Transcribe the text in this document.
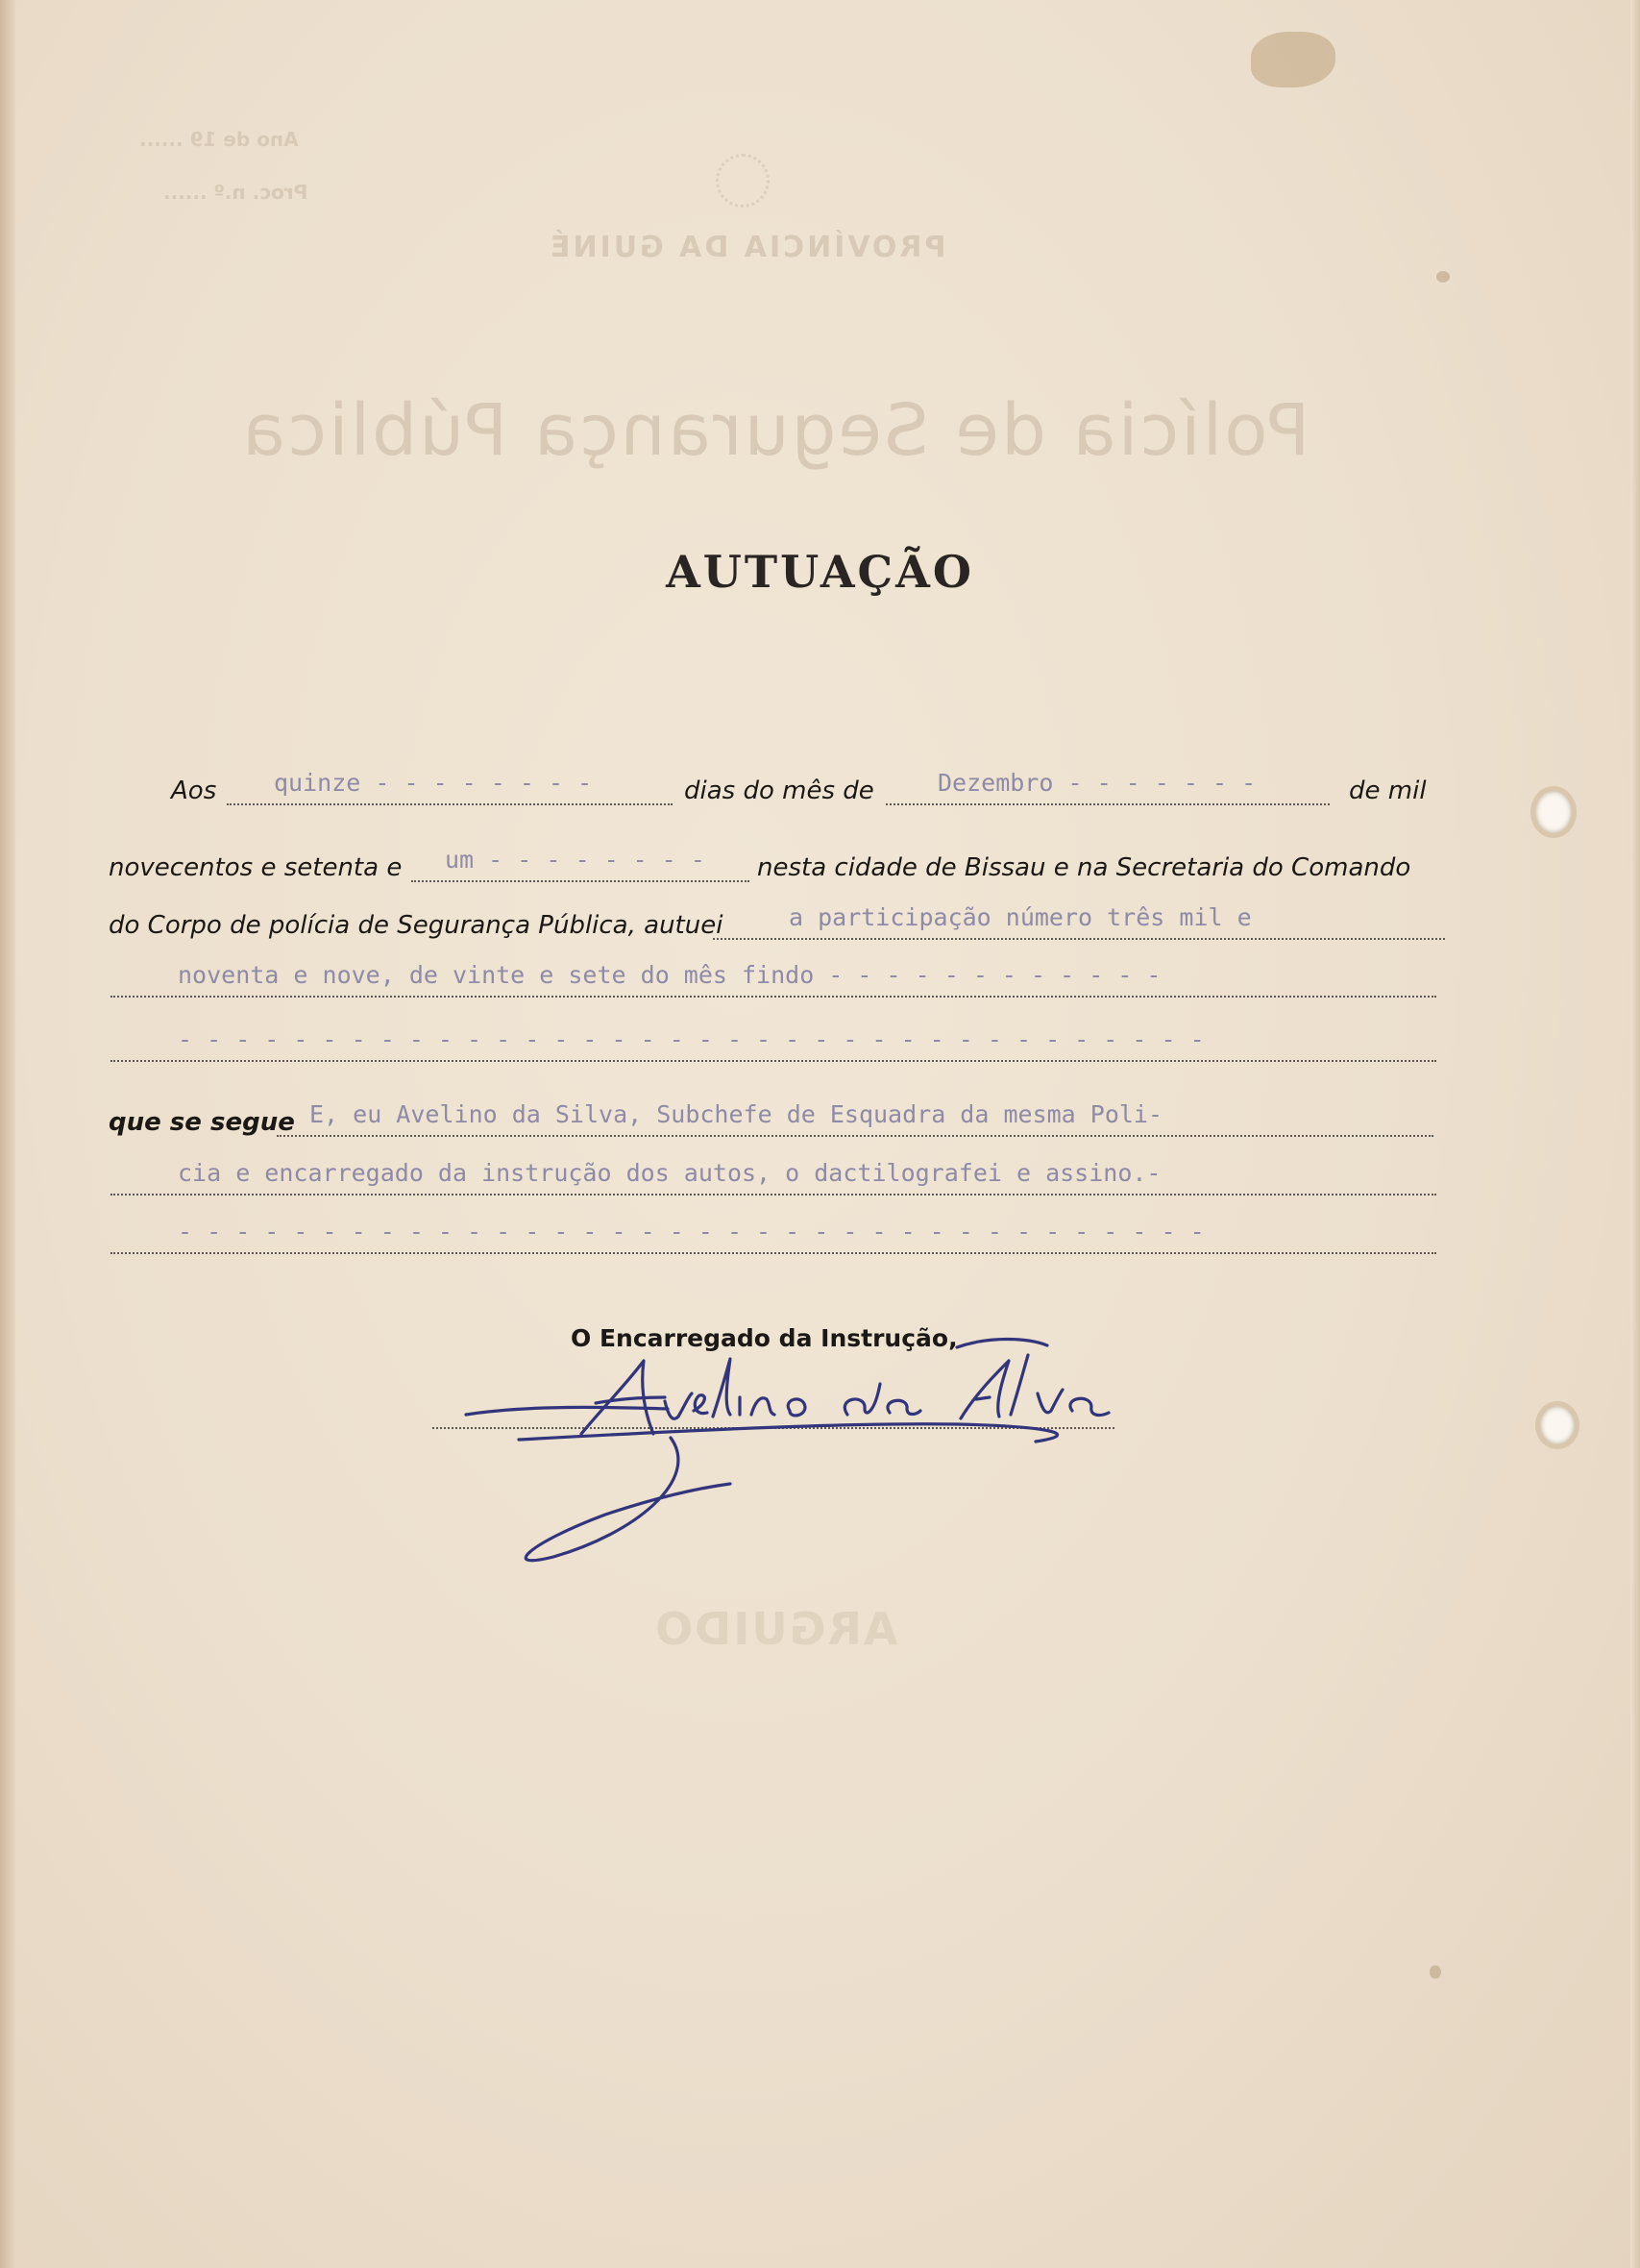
Ano de 19 ......
Proc. n.º ......
PROVÍNCIA DA GUINÉ
Polícia de Segurança Pública
ARGUIDO
AUTUAÇÃO
Aos quinze - - - - - - - -	dias do mês de	Dezembro - - - - - - -	de mil
novecentos e setenta e um - - - - - - - - nesta cidade de Bissau e na Secretaria do Comando
do Corpo de polícia de Segurança Pública, autuei	a participação número três mil e
noventa e nove, de vinte e sete do mês findo - - - - - - - - - - - -
- - - - - - - - - - - - - - - - - - - - - - - - - - - - - - - - - - - -
que se segue E, eu Avelino da Silva, Subchefe de Esquadra da mesma Poli-
cia e encarregado da instrução dos autos, o dactilografei e assino.-
- - - - - - - - - - - - - - - - - - - - - - - - - - - - - - - - - - - -
O Encarregado da Instrução,
